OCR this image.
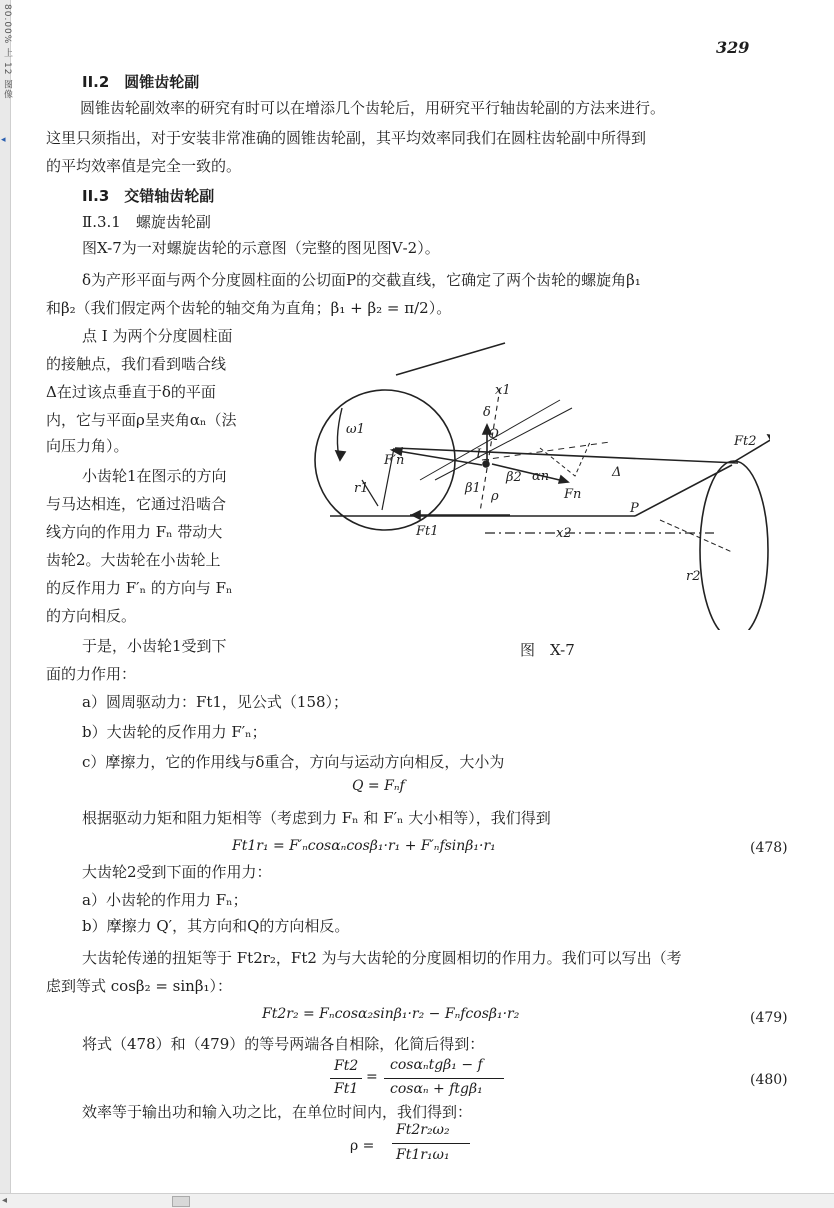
80.00% 上 12 图像
◂
329
II.2　圆锥齿轮副
圆锥齿轮副效率的研究有时可以在增添几个齿轮后，用研究平行轴齿轮副的方法来进行。
这里只须指出，对于安装非常准确的圆锥齿轮副，其平均效率同我们在圆柱齿轮副中所得到
的平均效率值是完全一致的。
II.3　交错轴齿轮副
Ⅱ.3.1　螺旋齿轮副
图X-7为一对螺旋齿轮的示意图（完整的图见图Ⅴ-2）。
δ为产形平面与两个分度圆柱面的公切面P的交截直线，它确定了两个齿轮的螺旋角β₁
和β₂（我们假定两个齿轮的轴交角为直角；β₁ + β₂ = π/2）。
点 I 为两个分度圆柱面
的接触点，我们看到啮合线
Δ在过该点垂直于δ的平面
内，它与平面ρ呈夹角αₙ（法
向压力角）。
小齿轮1在图示的方向
与马达相连，它通过沿啮合
线方向的作用力 Fₙ 带动大
齿轮2。大齿轮在小齿轮上
的反作用力 F′ₙ 的方向与 Fₙ
的方向相反。
于是，小齿轮1受到下
面的力作用：
Ft2
F′n
x1
δ
Q
ω1
β2 αn
β1
ρ	Fn
Δ
P
r1
Ft1	x2
r2
I
图　X-7
a）圆周驱动力：Ft1，见公式（158）；
b）大齿轮的反作用力 F′ₙ；
c）摩擦力，它的作用线与δ重合，方向与运动方向相反，大小为
Q = Fₙf
根据驱动力矩和阻力矩相等（考虑到力 Fₙ 和 F′ₙ 大小相等），我们得到
Ft1r₁ = F′ₙcosαₙcosβ₁·r₁ + F′ₙfsinβ₁·r₁	(478)
大齿轮2受到下面的作用力：
a）小齿轮的作用力 Fₙ；
b）摩擦力 Q′，其方向和Q的方向相反。
大齿轮传递的扭矩等于 Ft2r₂，Ft2 为与大齿轮的分度圆相切的作用力。我们可以写出（考
虑到等式 cosβ₂ = sinβ₁）：
Ft2r₂ = Fₙcosα₂sinβ₁·r₂ − Fₙfcosβ₁·r₂	(479)
将式（478）和（479）的等号两端各自相除，化简后得到：
Ft2
Ft1
=
cosαₙtgβ₁ − f
cosαₙ + ftgβ₁
(480)
效率等于输出功和输入功之比，在单位时间内，我们得到：
ρ =
Ft2r₂ω₂
Ft1r₁ω₁
◂
